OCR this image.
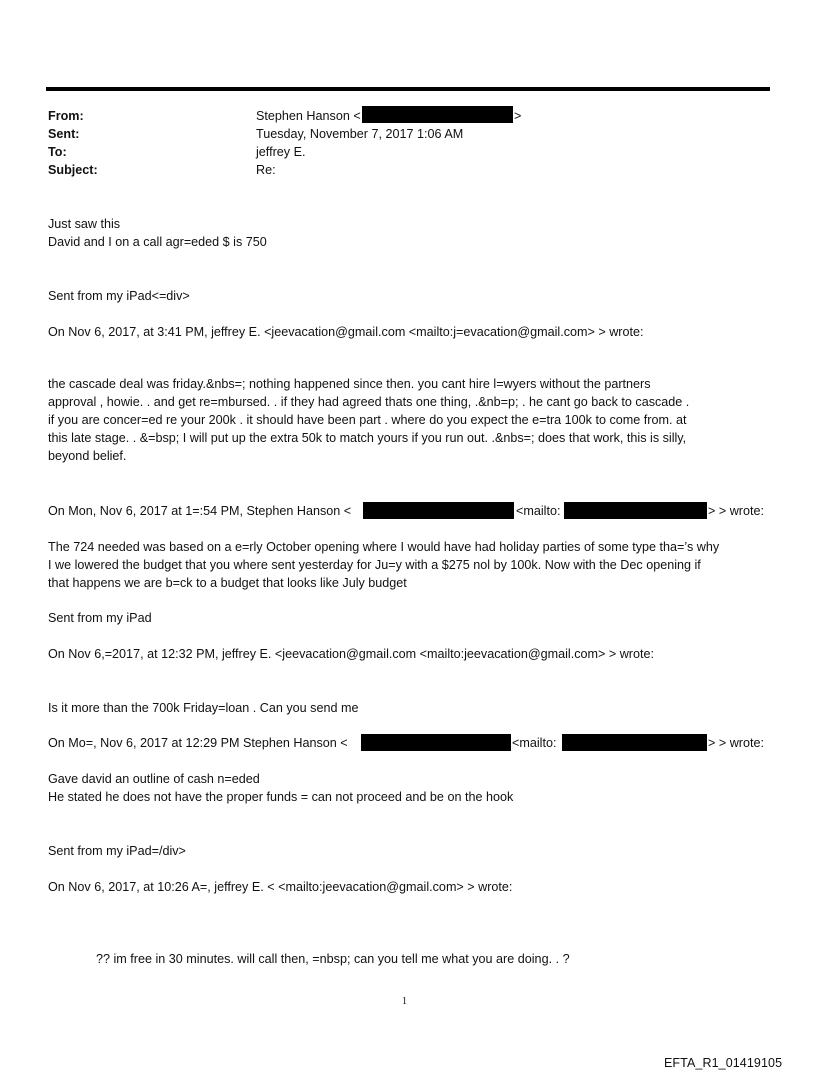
From:	Stephen Hanson <	>
Sent:	Tuesday, November 7, 2017 1:06 AM
To:	jeffrey E.
Subject:	Re:
Just saw this
David and I on a call agr=eded $ is 750
Sent from my iPad<=div>
On Nov 6, 2017, at 3:41 PM, jeffrey E. <jeevacation@gmail.com <mailto:j=evacation@gmail.com> > wrote:
the cascade deal was friday.&nbs=; nothing happened since then. you cant hire l=wyers without the partners
approval , howie. . and get re=mbursed. . if they had agreed thats one thing, .&nb=p; . he cant go back to cascade .
if you are concer=ed re your 200k . it should have been part . where do you expect the e=tra 100k to come from. at
this late stage. . &=bsp; I will put up the extra 50k to match yours if you run out. .&nbs=; does that work, this is silly,
beyond belief.
On Mon, Nov 6, 2017 at 1=:54 PM, Stephen Hanson <	<mailto:	> > wrote:
The 724 needed was based on a e=rly October opening where I would have had holiday parties of some type tha=’s why
I we lowered the budget that you where sent yesterday for Ju=y with a $275 nol by 100k. Now with the Dec opening if
that happens we are b=ck to a budget that looks like July budget
Sent from my iPad
On Nov 6,=2017, at 12:32 PM, jeffrey E. <jeevacation@gmail.com <mailto:jeevacation@gmail.com> > wrote:
Is it more than the 700k Friday=loan . Can you send me
On Mo=, Nov 6, 2017 at 12:29 PM Stephen Hanson <	<mailto:	> > wrote:
Gave david an outline of cash n=eded
He stated he does not have the proper funds = can not proceed and be on the hook
Sent from my iPad=/div>
On Nov 6, 2017, at 10:26 A=, jeffrey E. < <mailto:jeevacation@gmail.com> > wrote:
?? im free in 30 minutes. will call then, =nbsp; can you tell me what you are doing. . ?
1
EFTA_R1_01419105
